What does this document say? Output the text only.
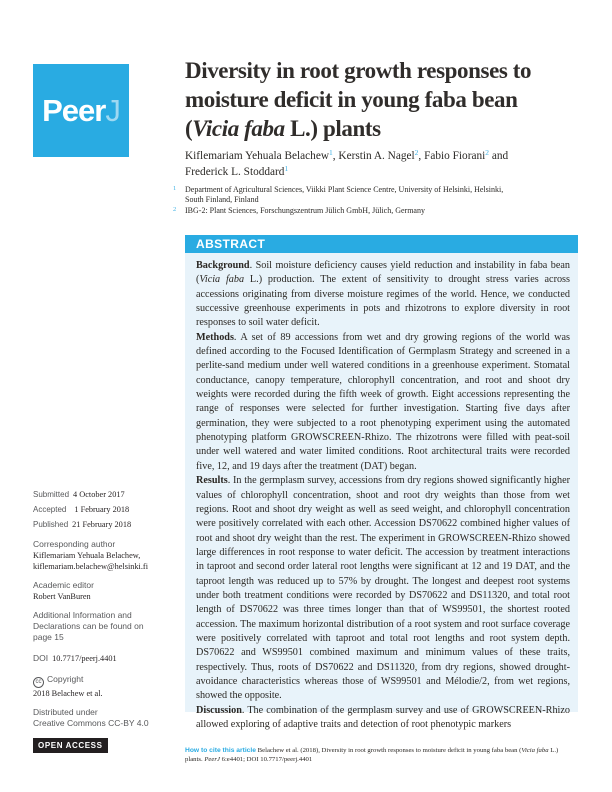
Peer J
Diversity in root growth responses to
moisture deficit in young faba bean
(Vicia faba L.) plants
Kiflemariam Yehuala Belachew$^1$, Kerstin A. Nagel$^2$, Fabio Fiorani$^2$ and
Frederick L. Stoddard$^1$
1 Department of Agricultural Sciences, Viikki Plant Science Centre, University of Helsinki, Helsinki,
South Finland, Finland
2 IBG-2: Plant Sciences, Forschungszentrum Jülich GmbH, Jülich, Germany
ABSTRACT

Background. Soil moisture deficiency causes yield reduction and instability in faba bean (Vicia faba L.) production. The extent of sensitivity to drought stress varies across accessions originating from diverse moisture regimes of the world. Hence, we conducted successive greenhouse experiments in pots and rhizotrons to explore diversity in root responses to soil water deficit.

Methods. A set of 89 accessions from wet and dry growing regions of the world was defined according to the Focused Identification of Germplasm Strategy and screened in a perlite-sand medium under well watered conditions in a greenhouse experiment. Stomatal conductance, canopy temperature, chlorophyll concentration, and root and shoot dry weights were recorded during the fifth week of growth. Eight accessions representing the range of responses were selected for further investigation. Starting five days after germination, they were subjected to a root phenotyping experiment using the automated phenotyping platform GROWSCREEN-Rhizo. The rhizotrons were filled with peat-soil under well watered and water limited conditions. Root architectural traits were recorded five, 12, and 19 days after the treatment (DAT) began.

Results. In the germplasm survey, accessions from dry regions showed significantly higher values of chlorophyll concentration, shoot and root dry weights than those from wet regions. Root and shoot dry weight as well as seed weight, and chlorophyll concentration were positively correlated with each other. Accession DS70622 combined higher values of root and shoot dry weight than the rest. The experiment in GROWSCREEN-Rhizo showed large differences in root response to water deficit. The accession by treatment interactions in taproot and second order lateral root lengths were significant at 12 and 19 DAT, and the taproot length was reduced up to 57% by drought. The longest and deepest root systems under both treatment conditions were recorded by DS70622 and DS11320, and total root length of DS70622 was three times longer than that of WS99501, the shortest rooted accession. The maximum horizontal distribution of a root system and root surface coverage were positively correlated with taproot and total root lengths and root system depth. DS70622 and WS99501 combined maximum and minimum values of these traits, respectively. Thus, roots of DS70622 and DS11320, from dry regions, showed drought-avoidance characteristics whereas those of WS99501 and Mélodie/2, from wet regions, showed the opposite.

Discussion. The combination of the germplasm survey and use of GROWSCREEN-Rhizo allowed exploring of adaptive traits and detection of root phenotypic markers

Submitted 4 October 2017
Accepted 1 February 2018
Published 21 February 2018
Corresponding author
Kiflemariam Yehuala Belachew,
kiflemariam.belachew@helsinki.fi
Academic editor
Robert VanBuren
Additional Information and
Declarations can be found on
page 15
DOI 10.7717/peerj.4401
cc Copyright
2018 Belachew et al.
Distributed under
Creative Commons CC-BY 4.0
OPEN ACCESS
How to cite this article Belachew et al. (2018), Diversity in root growth responses to moisture deficit in young faba bean (Vicia faba L.)
plants. PeerJ 6:e4401; DOI 10.7717/peerj.4401
